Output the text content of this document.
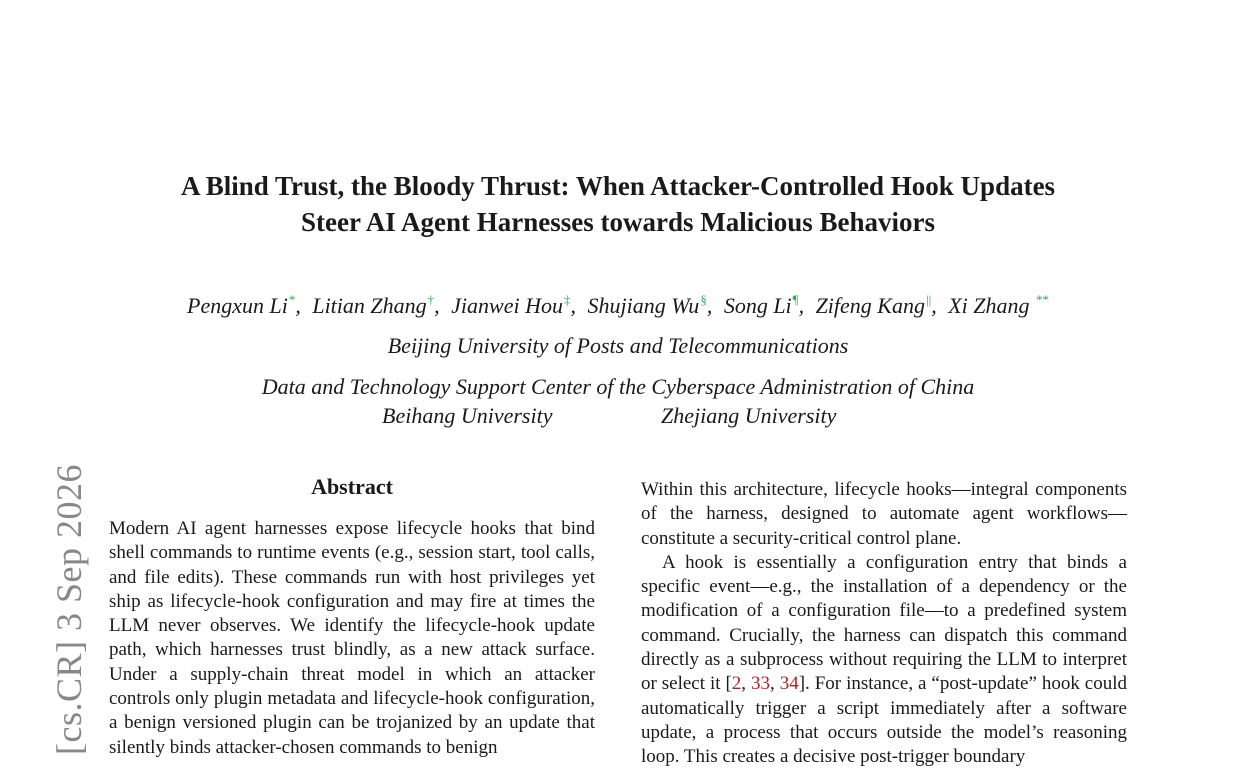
[cs.CR] 3 Sep 2026
A Blind Trust, the Bloody Thrust: When Attacker-Controlled Hook Updates
Steer AI Agent Harnesses towards Malicious Behaviors
Pengxun Li*, Litian Zhang†, Jianwei Hou‡, Shujiang Wu§, Song Li¶, Zifeng Kang||, Xi Zhang **
Beijing University of Posts and Telecommunications
Data and Technology Support Center of the Cyberspace Administration of China
Beihang University	Zhejiang University
Abstract

Modern AI agent harnesses expose lifecycle hooks that bind shell commands to runtime events (e.g., session start, tool calls, and file edits). These commands run with host privileges yet ship as lifecycle-hook configuration and may fire at times the LLM never observes. We identify the lifecycle-hook update path, which harnesses trust blindly, as a new attack surface. Under a supply-chain threat model in which an attacker controls only plugin metadata and lifecycle-hook configuration, a benign versioned plugin can be trojanized by an update that silently binds attacker-chosen commands to benign

Within this architecture, lifecycle hooks—integral components of the harness, designed to automate agent workflows—constitute a security-critical control plane.

A hook is essentially a configuration entry that binds a specific event—e.g., the installation of a dependency or the modification of a configuration file—to a predefined system command. Crucially, the harness can dispatch this command directly as a subprocess without requiring the LLM to interpret or select it [2, 33, 34]. For instance, a “post-update” hook could automatically trigger a script immediately after a software update, a process that occurs outside the model’s reasoning loop. This creates a decisive post-trigger boundary
